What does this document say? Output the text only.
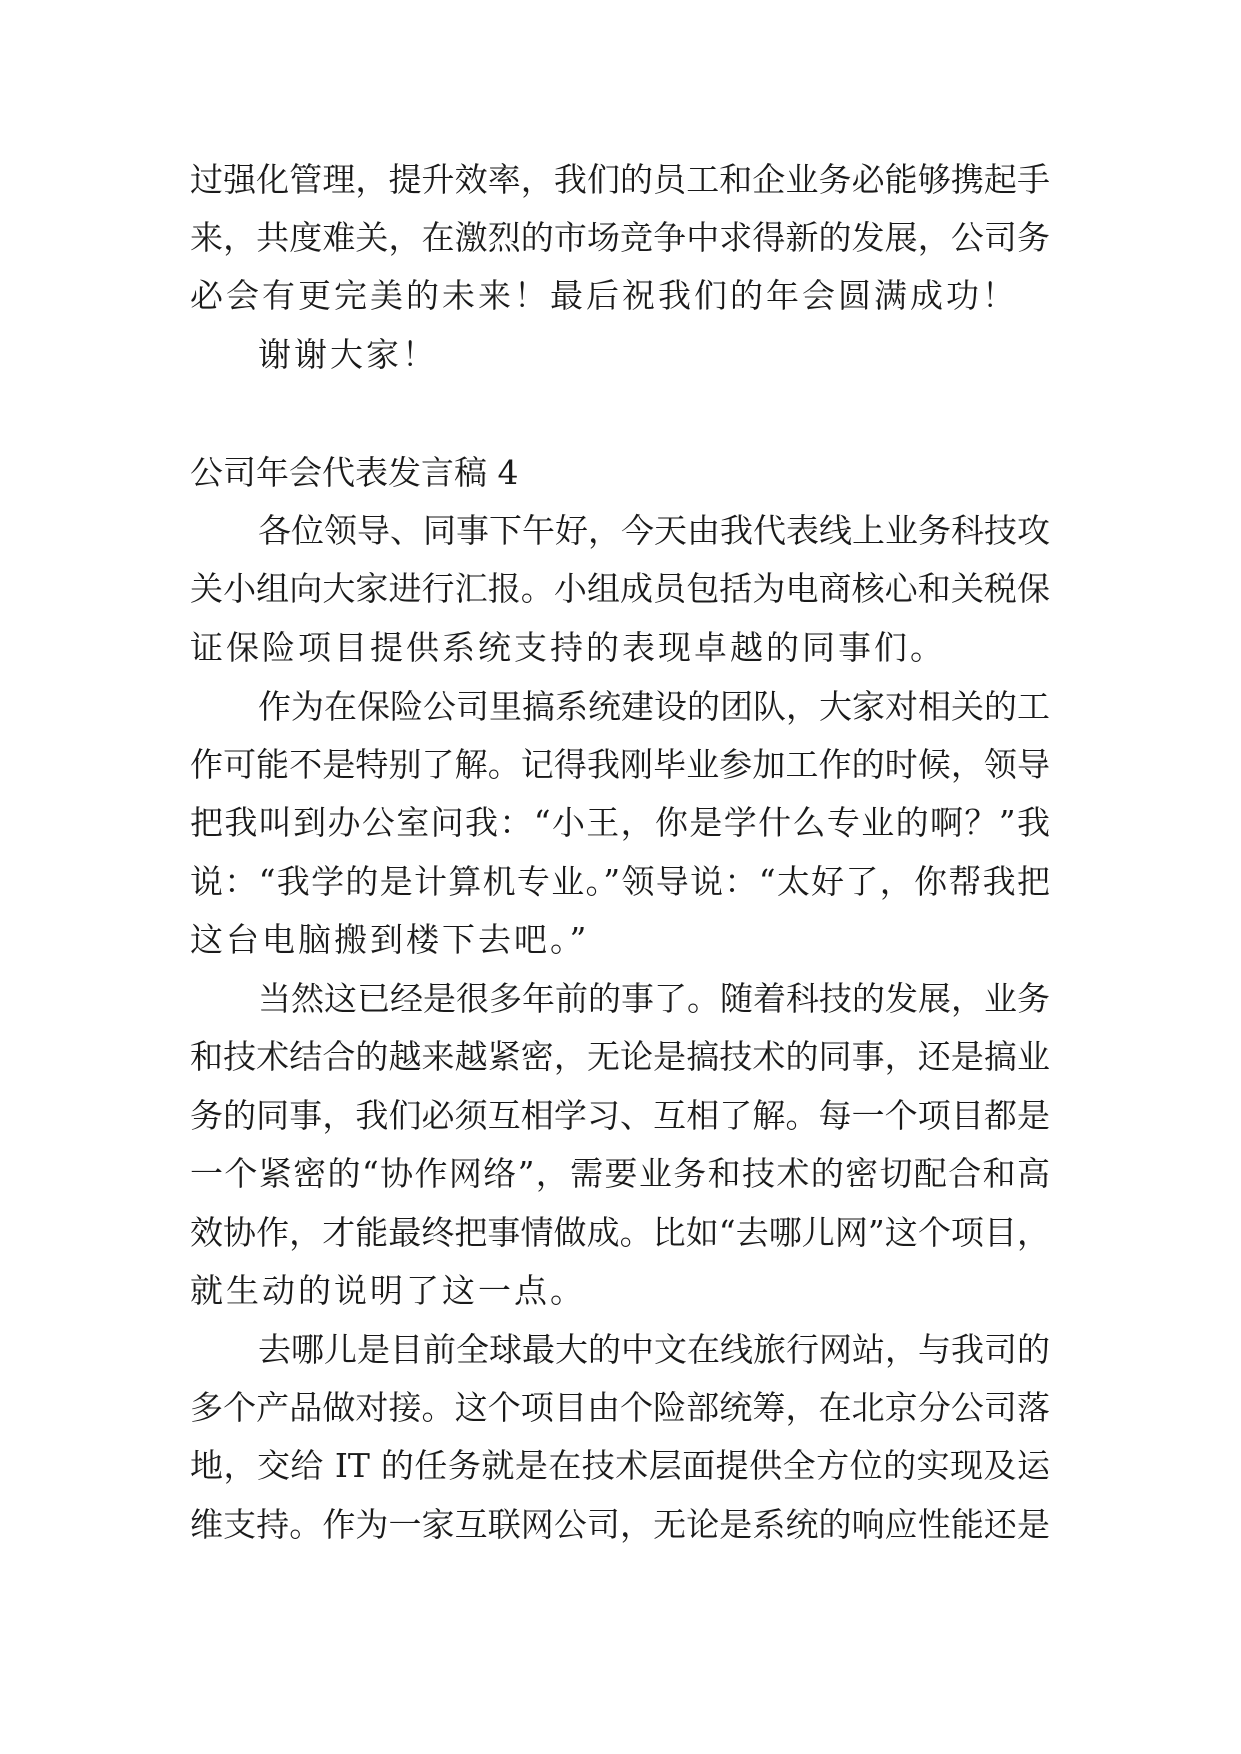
过强化管理，提升效率，我们的员工和企业务必能够携起手
来，共度难关，在激烈的市场竞争中求得新的发展，公司务
必会有更完美的未来！最后祝我们的年会圆满成功！
谢谢大家！
公司年会代表发言稿 4
各位领导、同事下午好，今天由我代表线上业务科技攻
关小组向大家进行汇报。小组成员包括为电商核心和关税保
证保险项目提供系统支持的表现卓越的同事们。
作为在保险公司里搞系统建设的团队，大家对相关的工
作可能不是特别了解。记得我刚毕业参加工作的时候，领导
把我叫到办公室问我：“小王，你是学什么专业的啊？”我
说：“我学的是计算机专业。”领导说：“太好了，你帮我把
这台电脑搬到楼下去吧。”
当然这已经是很多年前的事了。随着科技的发展，业务
和技术结合的越来越紧密，无论是搞技术的同事，还是搞业
务的同事，我们必须互相学习、互相了解。每一个项目都是
一个紧密的“协作网络”，需要业务和技术的密切配合和高
效协作，才能最终把事情做成。比如“去哪儿网”这个项目，
就生动的说明了这一点。
去哪儿是目前全球最大的中文在线旅行网站，与我司的
多个产品做对接。这个项目由个险部统筹，在北京分公司落
地，交给 IT 的任务就是在技术层面提供全方位的实现及运
维支持。作为一家互联网公司，无论是系统的响应性能还是
